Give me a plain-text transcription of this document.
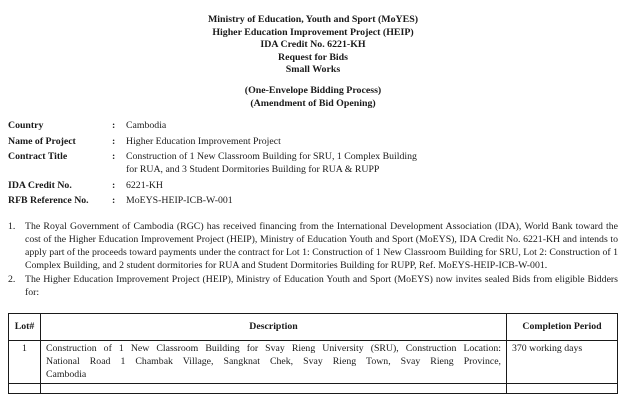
Ministry of Education, Youth and Sport (MoYES)
Higher Education Improvement Project (HEIP)
IDA Credit No. 6221-KH
Request for Bids
Small Works
(One-Envelope Bidding Process)
(Amendment of Bid Opening)
Country	:	Cambodia
Name of Project	:	Higher Education Improvement Project
Contract Title	:	Construction of 1 New Classroom Building for SRU, 1 Complex Building
for RUA, and 3 Student Dormitories Building for RUA & RUPP
IDA Credit No.	:	6221-KH
RFB Reference No.	:	MoEYS-HEIP-ICB-W-001
1. The Royal Government of Cambodia (RGC) has received financing from the International Development Association (IDA), World Bank toward the cost of the Higher Education Improvement Project (HEIP), Ministry of Education Youth and Sport (MoEYS), IDA Credit No. 6221-KH and intends to apply part of the proceeds toward payments under the contract for Lot 1: Construction of 1 New Classroom Building for SRU, Lot 2: Construction of 1 Complex Building, and 2 student dormitories for RUA and Student Dormitories Building for RUPP, Ref. MoEYS-HEIP-ICB-W-001.
2. The Higher Education Improvement Project (HEIP), Ministry of Education Youth and Sport (MoEYS) now invites sealed Bids from eligible Bidders for:
Lot#	Description	Completion Period
1	Construction of 1 New Classroom Building for Svay Rieng University (SRU), Construction Location:
National Road 1 Chambak Village, Sangknat Chek, Svay Rieng Town, Svay Rieng Province,
Cambodia	370 working days
